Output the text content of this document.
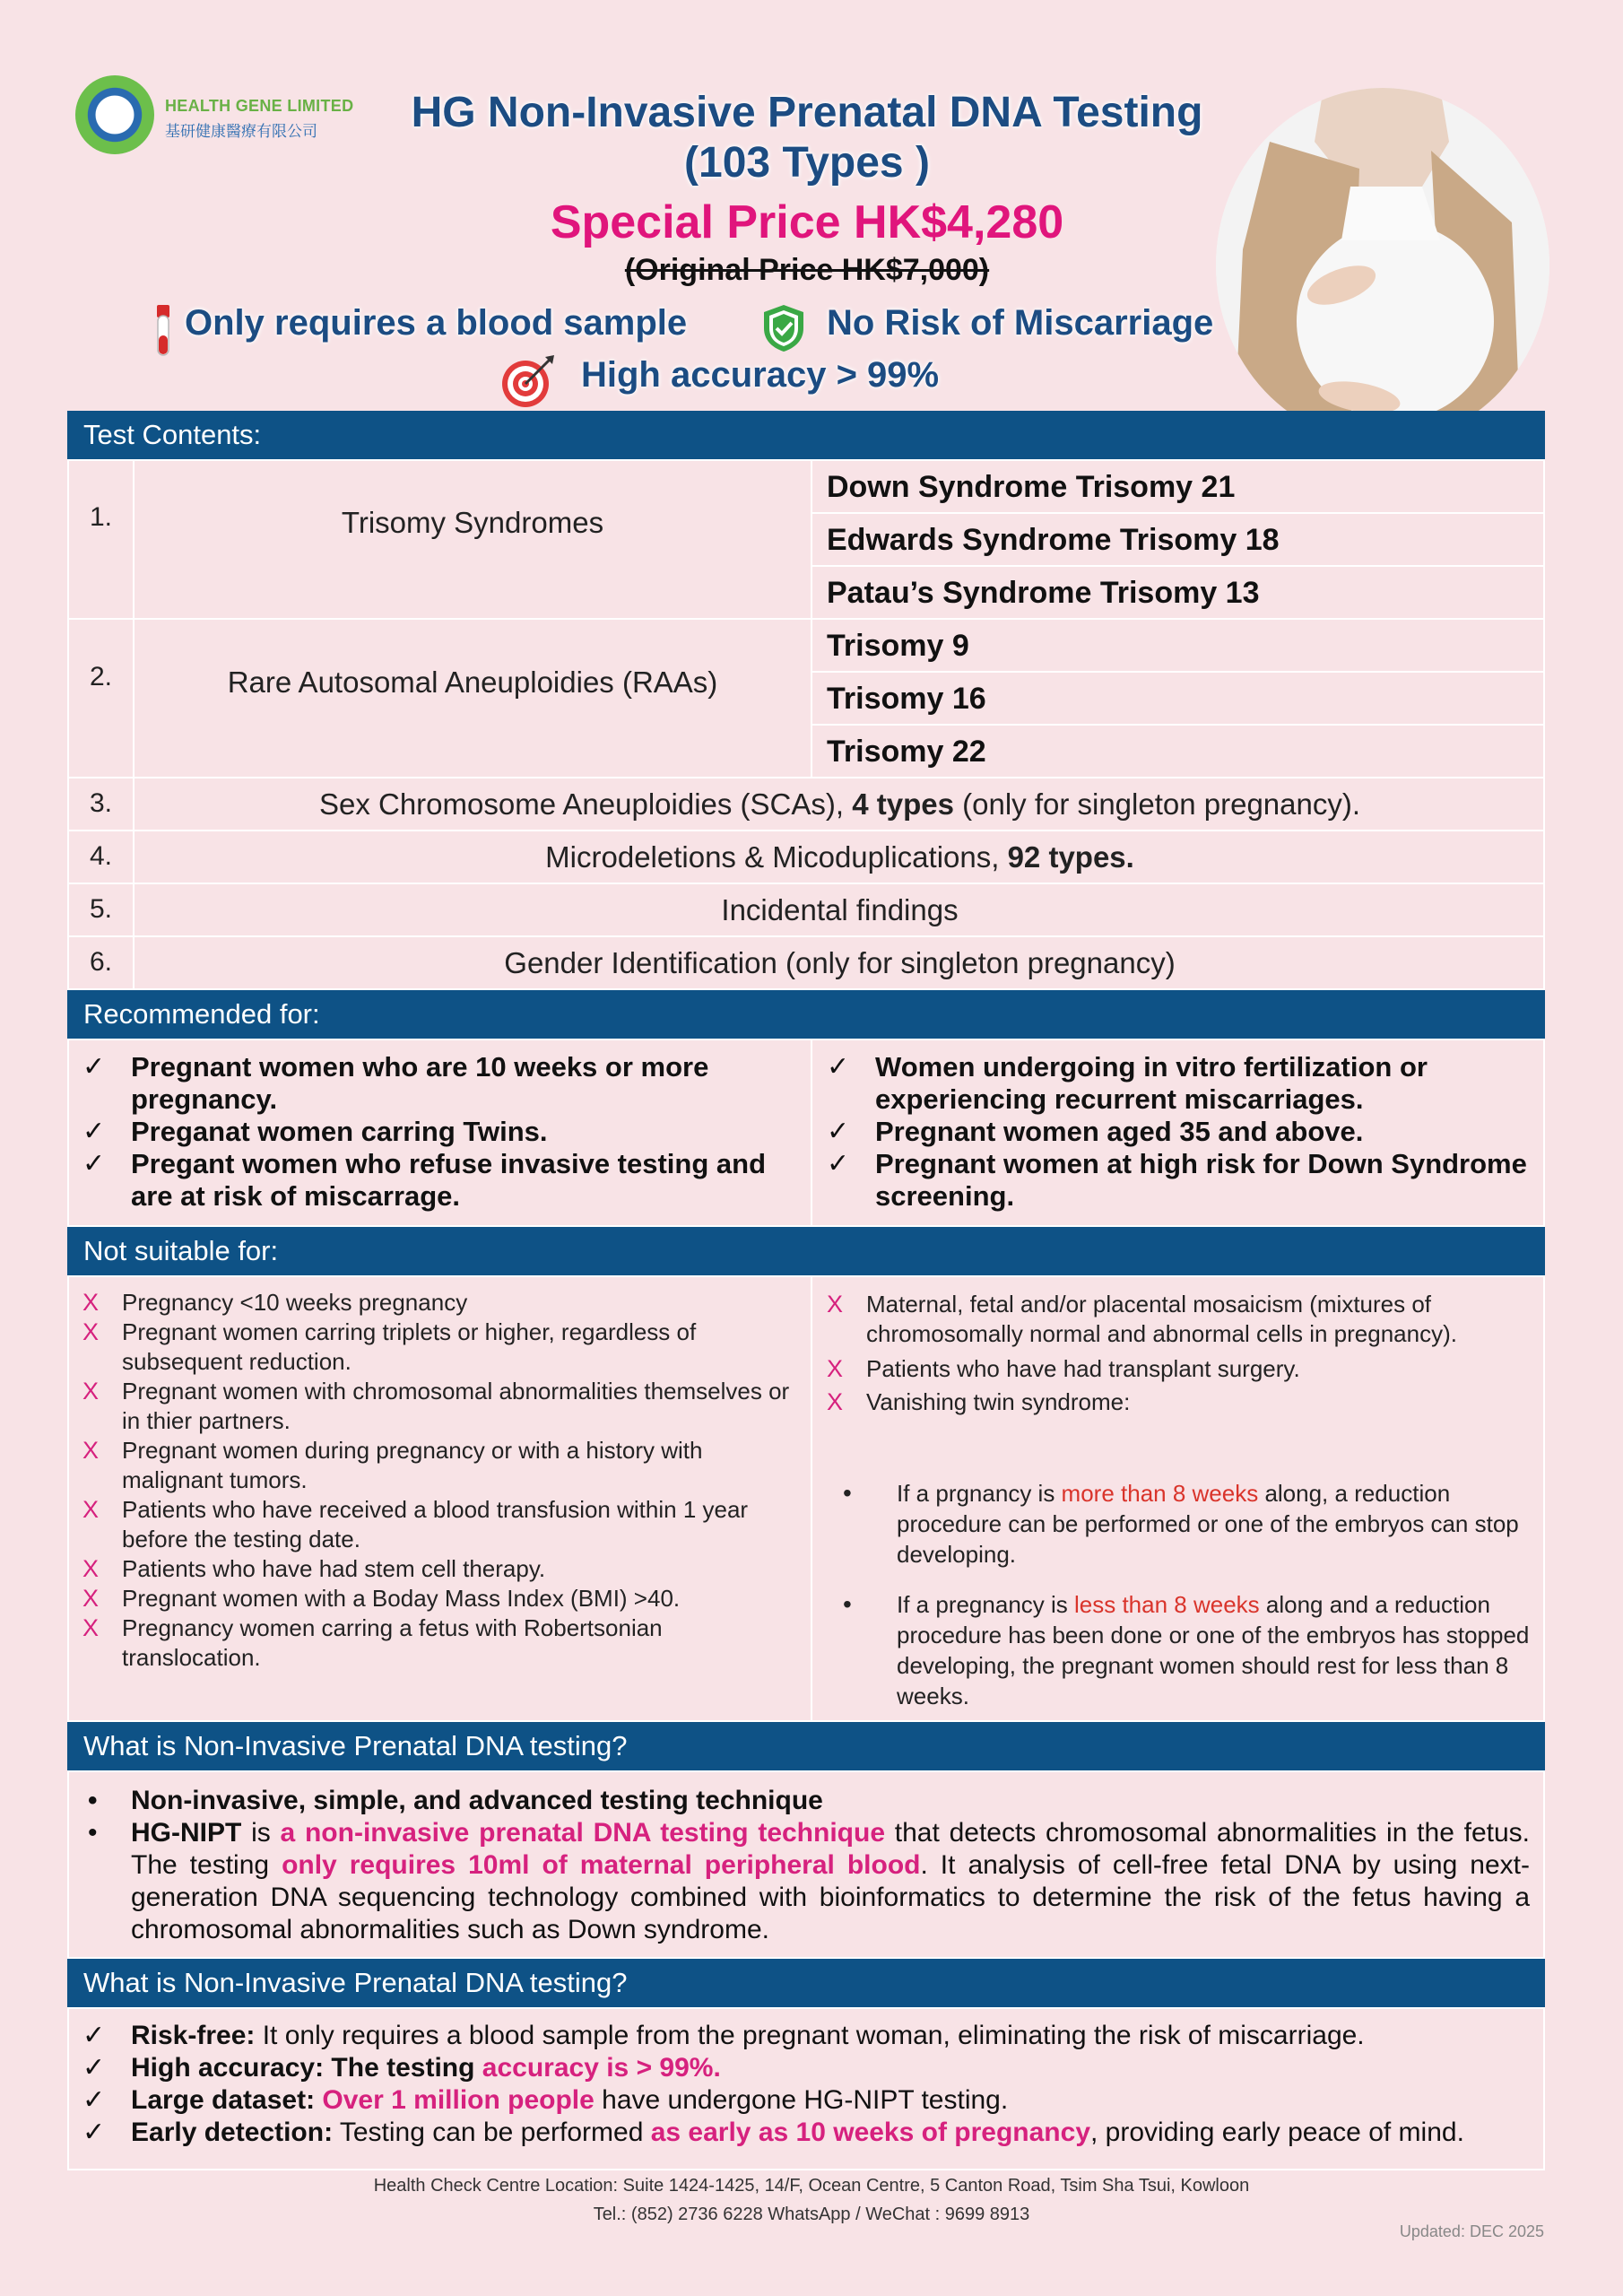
HEALTH GENE LIMITED
基研健康醫療有限公司	HG Non-Invasive Prenatal DNA Testing
(103 Types )
Special Price HK$4,280
(Original Price HK$7,000)
Only requires a blood sample	No Risk of Miscarriage
High accuracy > 99%
Test Contents:
1.	Trisomy Syndromes
Down Syndrome Trisomy 21
Edwards Syndrome Trisomy 18
Patau’s Syndrome Trisomy 13
2.	Rare Autosomal Aneuploidies (RAAs)
Trisomy 9
Trisomy 16
Trisomy 22
3.	Sex Chromosome Aneuploidies (SCAs), 4 types (only for singleton pregnancy).
4.	Microdeletions & Micoduplications, 92 types.
5.	Incidental findings
6.	Gender Identification (only for singleton pregnancy)
Recommended for:
✓ Pregnant women who are 10 weeks or more pregnancy.
✓ Preganat women carring Twins.
✓ Pregant women who refuse invasive testing and are at risk of miscarrage.
✓ Women undergoing in vitro fertilization or experiencing recurrent miscarriages.
✓ Pregnant women aged 35 and above.
✓ Pregnant women at high risk for Down Syndrome screening.
Not suitable for:
X Pregnancy <10 weeks pregnancy
X Pregnant women carring triplets or higher, regardless of subsequent reduction.
X Pregnant women with chromosomal abnormalities themselves or in thier partners.
X Pregnant women during pregnancy or with a history with malignant tumors.
X Patients who have received a blood transfusion within 1 year before the testing date.
X Patients who have had stem cell therapy.
X Pregnant women with a Boday Mass Index (BMI) >40.
X Pregnancy women carring a fetus with Robertsonian translocation.
X Maternal, fetal and/or placental mosaicism (mixtures of chromosomally normal and abnormal cells in pregnancy).
X Patients who have had transplant surgery.
X Vanishing twin syndrome:
• If a prgnancy is more than 8 weeks along, a reduction procedure can be performed or one of the embryos can stop developing.
• If a pregnancy is less than 8 weeks along and a reduction procedure has been done or one of the embryos has stopped developing, the pregnant women should rest for less than 8 weeks.
What is Non-Invasive Prenatal DNA testing?
• Non-invasive, simple, and advanced testing technique
• HG-NIPT is a non-invasive prenatal DNA testing technique that detects chromosomal abnormalities in the fetus. The testing only requires 10ml of maternal peripheral blood. It analysis of cell-free fetal DNA by using next-generation DNA sequencing technology combined with bioinformatics to determine the risk of the fetus having a chromosomal abnormalities such as Down syndrome.
What is Non-Invasive Prenatal DNA testing?
✓ Risk-free: It only requires a blood sample from the pregnant woman, eliminating the risk of miscarriage.
✓ High accuracy: The testing accuracy is > 99%.
✓ Large dataset: Over 1 million people have undergone HG-NIPT testing.
✓ Early detection: Testing can be performed as early as 10 weeks of pregnancy, providing early peace of mind.
Health Check Centre Location: Suite 1424-1425, 14/F, Ocean Centre, 5 Canton Road, Tsim Sha Tsui, Kowloon
Tel.: (852) 2736 6228 WhatsApp / WeChat : 9699 8913
Updated: DEC 2025
